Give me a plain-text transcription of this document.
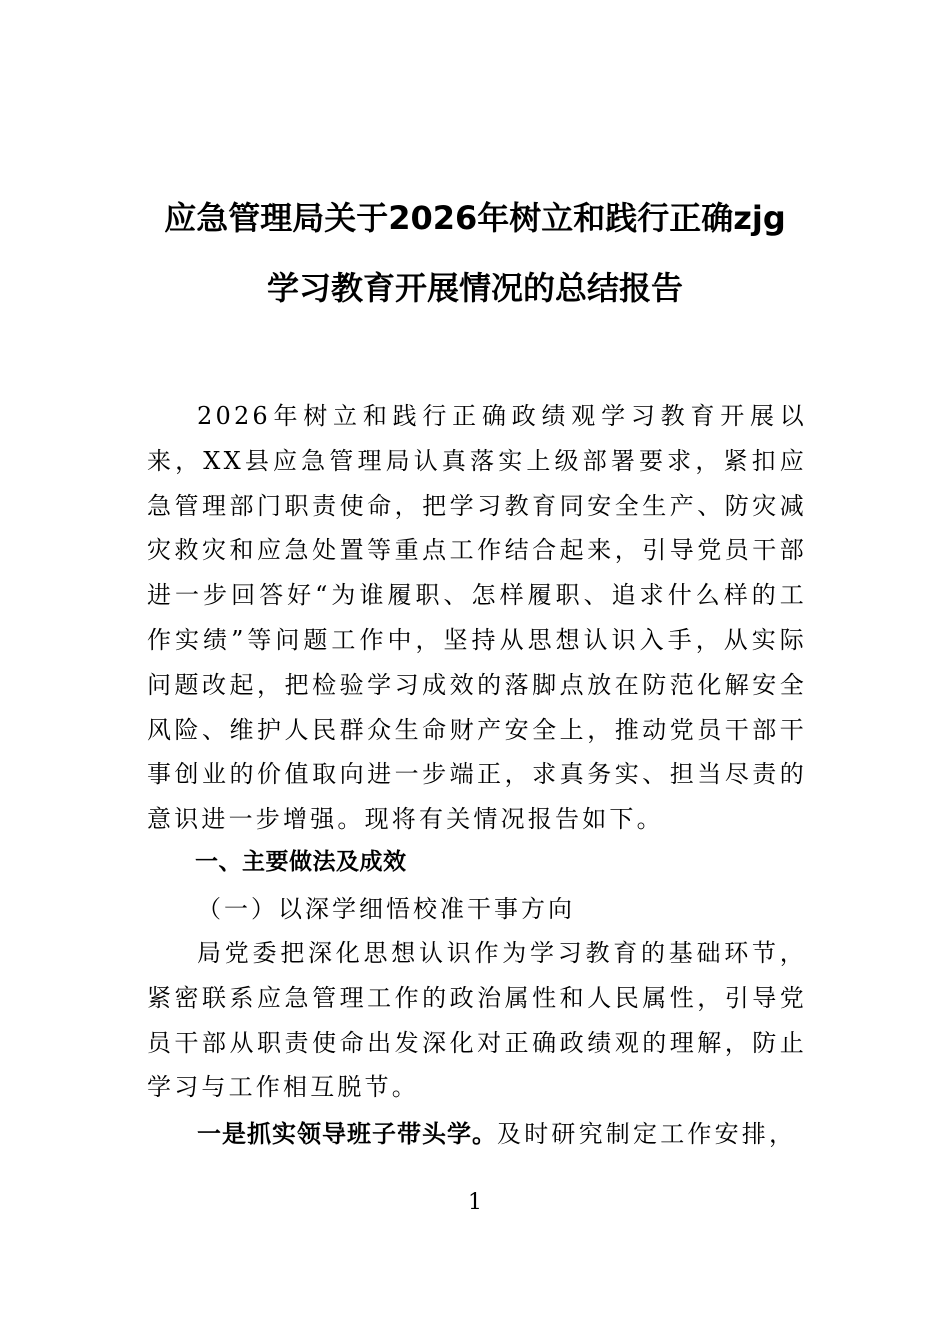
应急管理局关于2026年树立和践行正确zjg
学习教育开展情况的总结报告

2026年树立和践行正确政绩观学习教育开展以来，XX县应急管理局认真落实上级部署要求，紧扣应急管理部门职责使命，把学习教育同安全生产、防灾减灾救灾和应急处置等重点工作结合起来，引导党员干部进一步回答好“为谁履职、怎样履职、追求什么样的工作实绩”等问题工作中，坚持从思想认识入手，从实际问题改起，把检验学习成效的落脚点放在防范化解安全风险、维护人民群众生命财产安全上，推动党员干部干事创业的价值取向进一步端正，求真务实、担当尽责的意识进一步增强。现将有关情况报告如下。

一、主要做法及成效

（一）以深学细悟校准干事方向

局党委把深化思想认识作为学习教育的基础环节，紧密联系应急管理工作的政治属性和人民属性，引导党员干部从职责使命出发深化对正确政绩观的理解，防止学习与工作相互脱节。

一是抓实领导班子带头学。及时研究制定工作安排，

1
